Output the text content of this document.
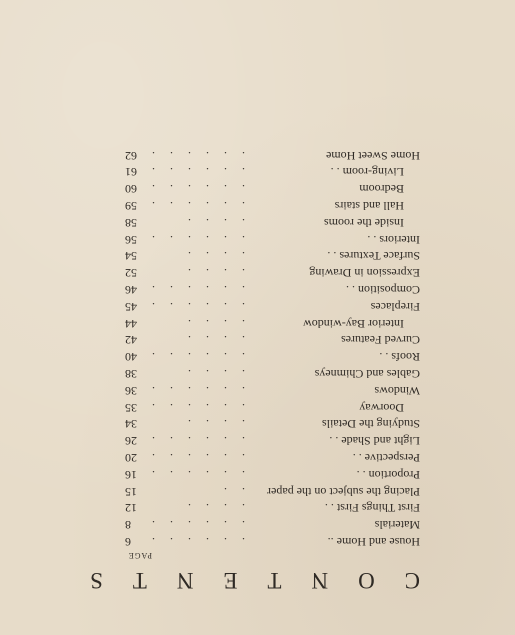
C
O
N
T
E
N
T
S
PAGE
House and Home ..
. . . . . .
6
Materials
. . . . . .
8
First Things First . .
. . . .
12
Placing the subject on the paper
. .
15
Proportion . .
. . . . . .
16
Perspective . .
. . . . . .
20
Light and Shade . .
. . . . . .
26
Studying the Details
. . . .
34
Doorway
. . . . . .
35
Windows
. . . . . .
36
Gables and Chimneys
. . . .
38
Roofs . .
. . . . . .
40
Curved Features
. . . .
42
Interior Bay-window
. . . .
44
Fireplaces
. . . . . .
45
Composition . .
. . . . . .
46
Expression in Drawing
. . . .
52
Surface Textures . .
. . . .
54
Interiors . .
. . . . . .
56
Inside the rooms
. . . .
58
Hall and stairs
. . . . . .
59
Bedroom
. . . . . .
60
Living-room . .
. . . . . .
61
Home Sweet Home
. . . . . .
62
